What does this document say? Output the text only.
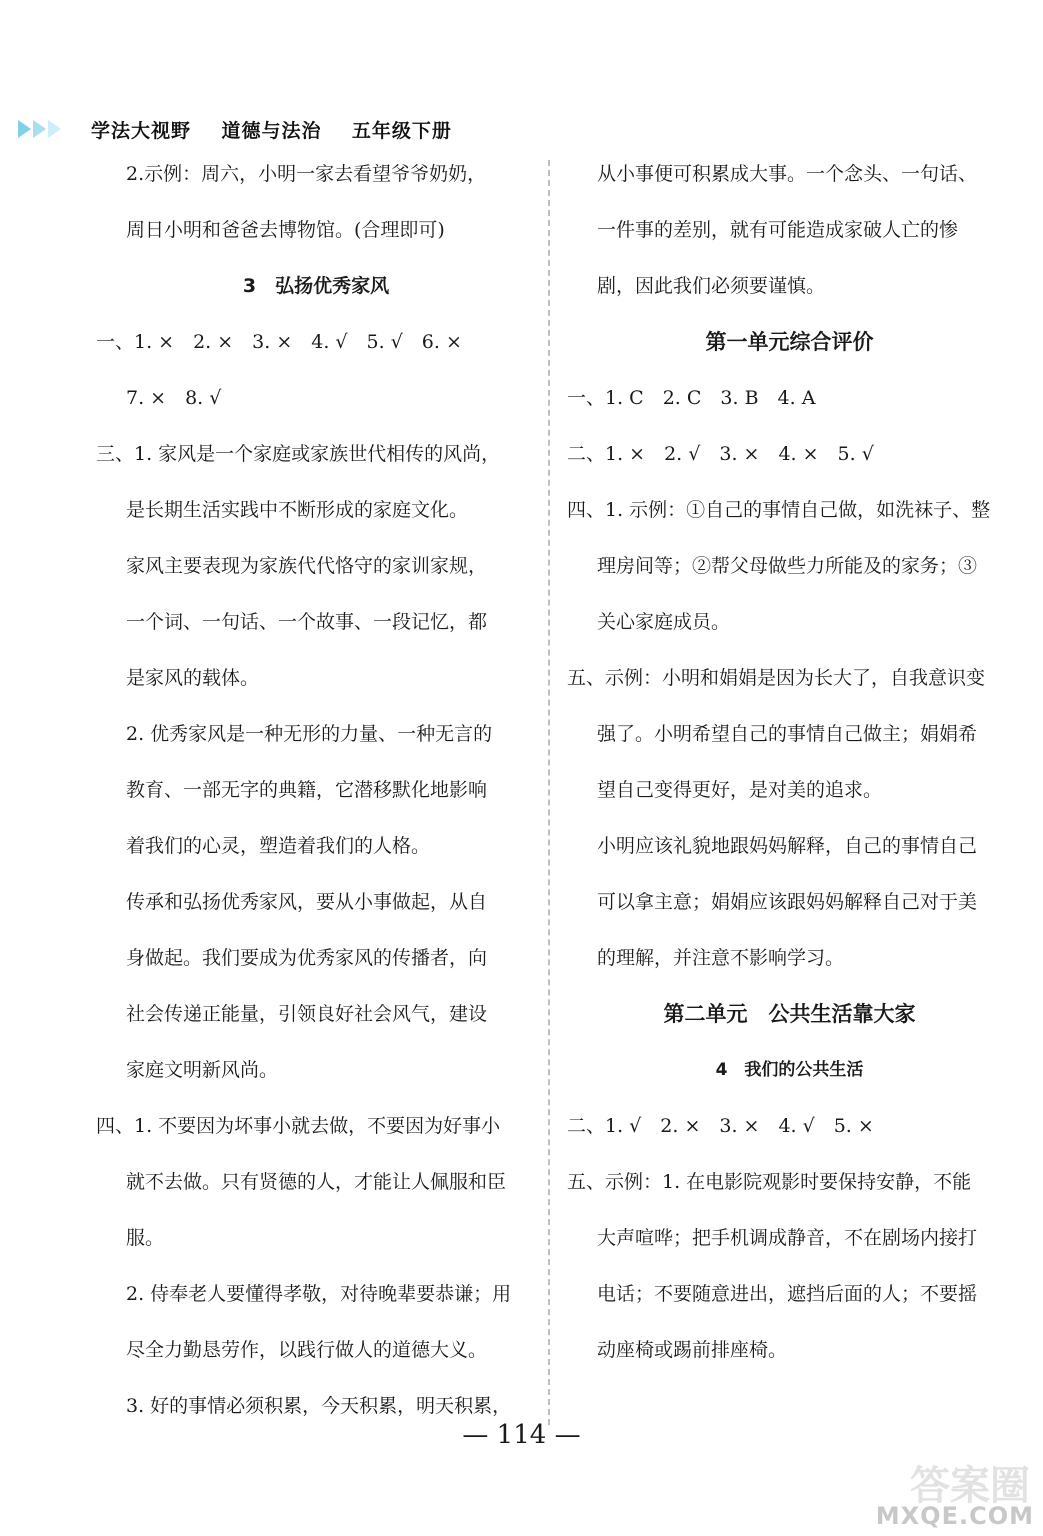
学法大视野    道德与法治    五年级下册
2.示例：周六，小明一家去看望爷爷奶奶，
周日小明和爸爸去博物馆。(合理即可)
3　弘扬优秀家风
一、1. ×　2. ×　3. ×　4. √　5. √　6. ×
7. ×　8. √
三、1. 家风是一个家庭或家族世代相传的风尚，
是长期生活实践中不断形成的家庭文化。
家风主要表现为家族代代恪守的家训家规，
一个词、一句话、一个故事、一段记忆，都
是家风的载体。
2. 优秀家风是一种无形的力量、一种无言的
教育、一部无字的典籍，它潜移默化地影响
着我们的心灵，塑造着我们的人格。
传承和弘扬优秀家风，要从小事做起，从自
身做起。我们要成为优秀家风的传播者，向
社会传递正能量，引领良好社会风气，建设
家庭文明新风尚。
四、1. 不要因为坏事小就去做，不要因为好事小
就不去做。只有贤德的人，才能让人佩服和臣
服。
2. 侍奉老人要懂得孝敬，对待晚辈要恭谦；用
尽全力勤恳劳作，以践行做人的道德大义。
3. 好的事情必须积累，今天积累，明天积累，
从小事便可积累成大事。一个念头、一句话、
一件事的差别，就有可能造成家破人亡的惨
剧，因此我们必须要谨慎。
第一单元综合评价
一、1. C　2. C　3. B　4. A
二、1. ×　2. √　3. ×　4. ×　5. √
四、1. 示例：①自己的事情自己做，如洗袜子、整
理房间等；②帮父母做些力所能及的家务；③
关心家庭成员。
五、示例：小明和娟娟是因为长大了，自我意识变
强了。小明希望自己的事情自己做主；娟娟希
望自己变得更好，是对美的追求。
小明应该礼貌地跟妈妈解释，自己的事情自己
可以拿主意；娟娟应该跟妈妈解释自己对于美
的理解，并注意不影响学习。
第二单元　公共生活靠大家
4　我们的公共生活
二、1. √　2. ×　3. ×　4. √　5. ×
五、示例：1. 在电影院观影时要保持安静，不能
大声喧哗；把手机调成静音，不在剧场内接打
电话；不要随意进出，遮挡后面的人；不要摇
动座椅或踢前排座椅。
— 114 —
答案圈
MXQE.COM
